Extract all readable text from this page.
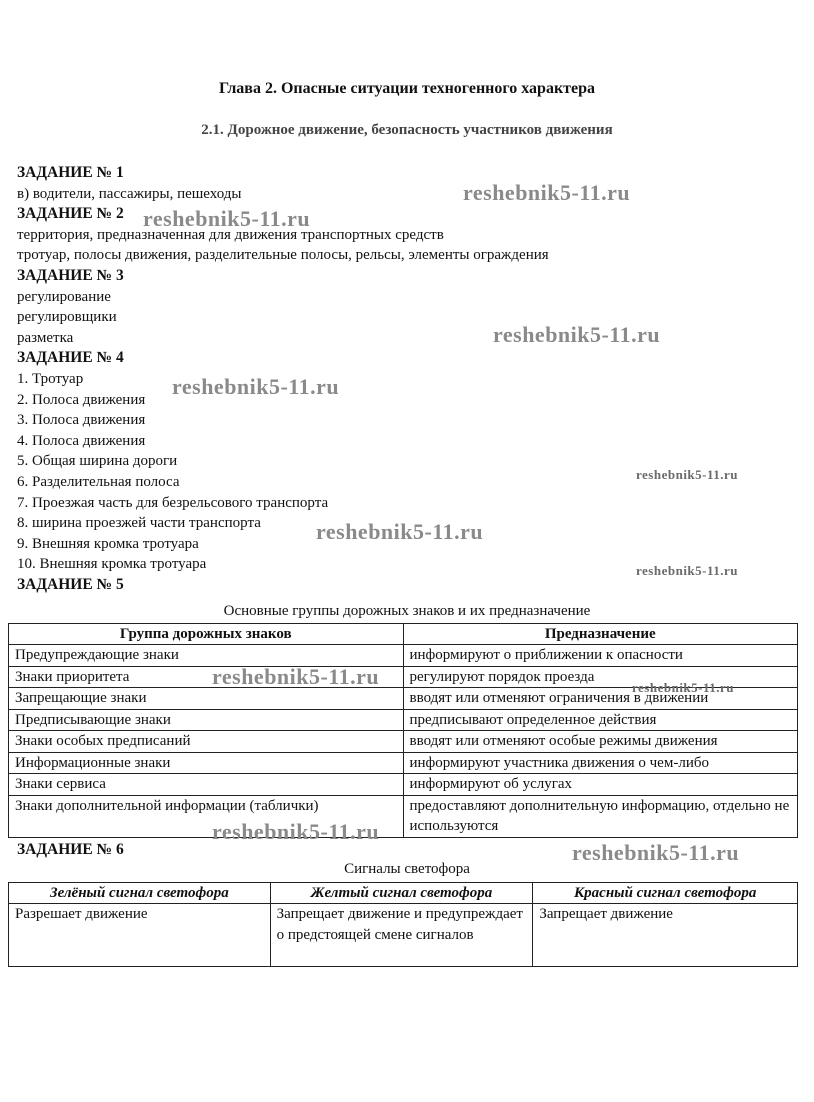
Глава 2. Опасные ситуации техногенного характера
2.1. Дорожное движение, безопасность участников движения
ЗАДАНИЕ № 1
в) водители, пассажиры, пешеходы
ЗАДАНИЕ № 2
территория, предназначенная для движения транспортных средств
тротуар, полосы движения, разделительные полосы, рельсы, элементы ограждения
ЗАДАНИЕ № 3
регулирование
регулировщики
разметка
ЗАДАНИЕ № 4
1. Тротуар
2. Полоса движения
3. Полоса движения
4. Полоса движения
5. Общая ширина дороги
6. Разделительная полоса
7. Проезжая часть для безрельсового транспорта
8. ширина проезжей части транспорта
9. Внешняя кромка тротуара
10. Внешняя кромка тротуара
ЗАДАНИЕ № 5
Основные группы дорожных знаков и их предназначение
Группа дорожных знаков	Предназначение
Предупреждающие знаки	информируют о приближении к опасности
Знаки приоритета	регулируют порядок проезда
Запрещающие знаки	вводят или отменяют ограничения в движении
Предписывающие знаки	предписывают определенное действия
Знаки особых предписаний	вводят или отменяют особые режимы движения
Информационные знаки	информируют участника движения о чем-либо
Знаки сервиса	информируют об услугах
Знаки дополнительной информации (таблички)	предоставляют дополнительную информацию, отдельно не используются
ЗАДАНИЕ № 6
Сигналы светофора
Зелёный сигнал светофора	Желтый сигнал светофора	Красный сигнал светофора
Разрешает движение	Запрещает движение и предупреждает о предстоящей смене сигналов	Запрещает движение
reshebnik5-11.ru
reshebnik5-11.ru
reshebnik5-11.ru
reshebnik5-11.ru
reshebnik5-11.ru
reshebnik5-11.ru
reshebnik5-11.ru
reshebnik5-11.ru	reshebnik5-11.ru
reshebnik5-11.ru
reshebnik5-11.ru
